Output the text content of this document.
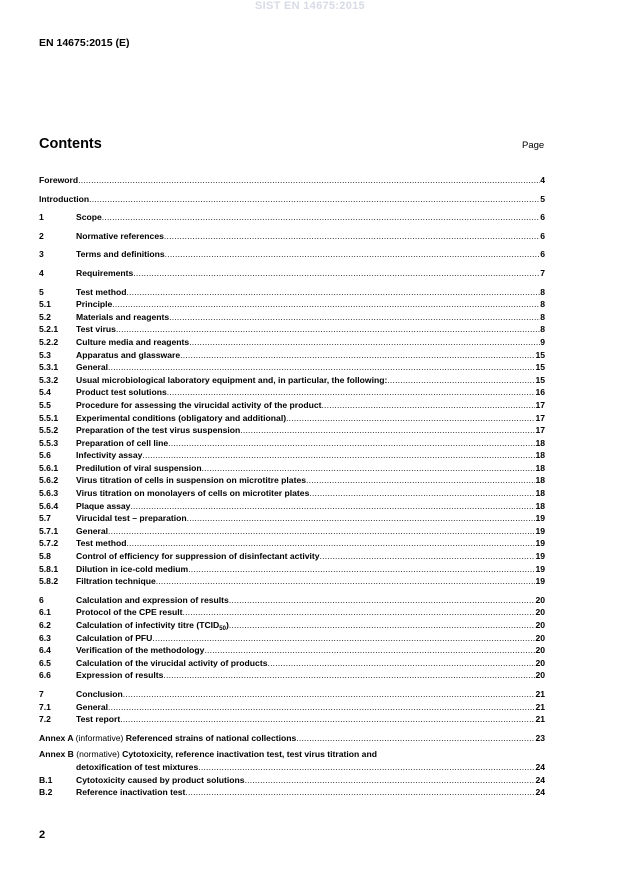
SIST EN 14675:2015
EN 14675:2015 (E)
Contents	Page
Foreword .....	4
Introduction .....	5
1	Scope .....	6
2	Normative references .....	6
3	Terms and definitions .....	6
4	Requirements .....	7
5	Test method .....	8
5.1	Principle .....	8
5.2	Materials and reagents .....	8
5.2.1	Test virus .....	8
5.2.2	Culture media and reagents .....	9
5.3	Apparatus and glassware .....	15
5.3.1	General .....	15
5.3.2	Usual microbiological laboratory equipment and, in particular, the following: .....	15
5.4	Product test solutions .....	16
5.5	Procedure for assessing the virucidal activity of the product .....	17
5.5.1	Experimental conditions (obligatory and additional) .....	17
5.5.2	Preparation of the test virus suspension .....	17
5.5.3	Preparation of cell line .....	18
5.6	Infectivity assay .....	18
5.6.1	Predilution of viral suspension .....	18
5.6.2	Virus titration of cells in suspension on microtitre plates .....	18
5.6.3	Virus titration on monolayers of cells on microtiter plates .....	18
5.6.4	Plaque assay .....	18
5.7	Virucidal test – preparation .....	19
5.7.1	General .....	19
5.7.2	Test method .....	19
5.8	Control of efficiency for suppression of disinfectant activity .....	19
5.8.1	Dilution in ice-cold medium .....	19
5.8.2	Filtration technique .....	19
6	Calculation and expression of results .....	20
6.1	Protocol of the CPE result .....	20
6.2	Calculation of infectivity titre $(TCID_{50})$ .....	20
6.3	Calculation of PFU .....	20
6.4	Verification of the methodology .....	20
6.5	Calculation of the virucidal activity of products .....	20
6.6	Expression of results .....	20
7	Conclusion .....	21
7.1	General .....	21
7.2	Test report .....	21
Annex A (informative) Referenced strains of national collections .....	23
Annex B (normative) Cytotoxicity, reference inactivation test, test virus titration and
detoxification of test mixtures .....	24
B.1	Cytotoxicity caused by product solutions .....	24
B.2	Reference inactivation test .....	24
2
